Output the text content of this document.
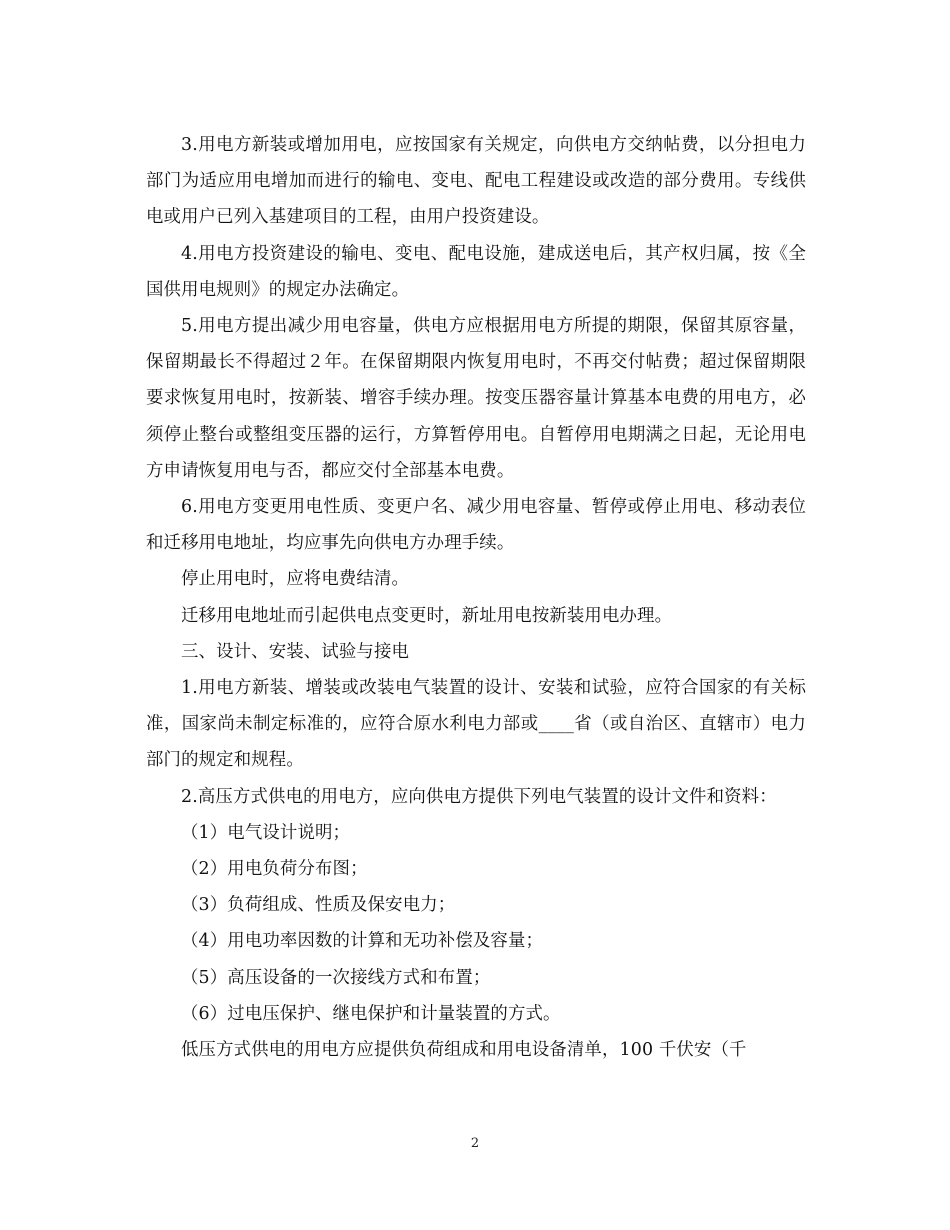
3.用电方新装或增加用电，应按国家有关规定，向供电方交纳帖费，以分担电力部门为适应用电增加而进行的输电、变电、配电工程建设或改造的部分费用。专线供电或用户已列入基建项目的工程，由用户投资建设。

4.用电方投资建设的输电、变电、配电设施，建成送电后，其产权归属，按《全国供用电规则》的规定办法确定。

5.用电方提出减少用电容量，供电方应根据用电方所提的期限，保留其原容量，保留期最长不得超过２年。在保留期限内恢复用电时，不再交付帖费；超过保留期限要求恢复用电时，按新装、增容手续办理。按变压器容量计算基本电费的用电方，必须停止整台或整组变压器的运行，方算暂停用电。自暂停用电期满之日起，无论用电方申请恢复用电与否，都应交付全部基本电费。

6.用电方变更用电性质、变更户名、减少用电容量、暂停或停止用电、移动表位和迁移用电地址，均应事先向供电方办理手续。

停止用电时，应将电费结清。

迁移用电地址而引起供电点变更时，新址用电按新装用电办理。

三、设计、安装、试验与接电

1.用电方新装、增装或改装电气装置的设计、安装和试验，应符合国家的有关标准，国家尚未制定标准的，应符合原水利电力部或____省（或自治区、直辖市）电力部门的规定和规程。

2.高压方式供电的用电方，应向供电方提供下列电气装置的设计文件和资料：

（1）电气设计说明；

（2）用电负荷分布图；

（3）负荷组成、性质及保安电力；

（4）用电功率因数的计算和无功补偿及容量；

（5）高压设备的一次接线方式和布置；

（6）过电压保护、继电保护和计量装置的方式。

低压方式供电的用电方应提供负荷组成和用电设备清单，100 千伏安（千

2
